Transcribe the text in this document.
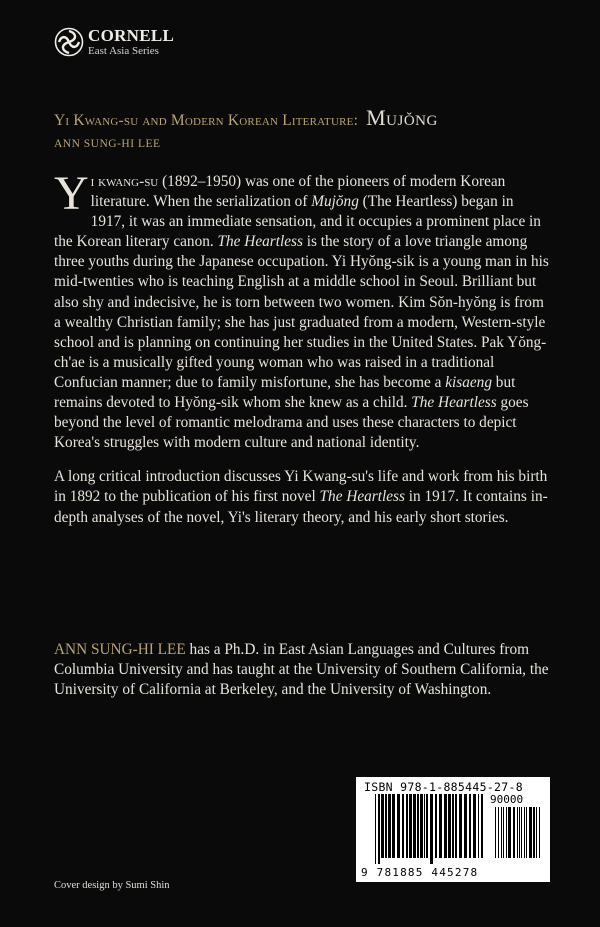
CORNELL
East Asia Series
Yi Kwang-su and Modern Korean Literature: Mujŏng
ANN SUNG-HI LEE

Yi kwang-su (1892–1950) was one of the pioneers of modern Korean literature. When the serialization of Mujŏng (The Heartless) began in 1917, it was an immediate sensation, and it occupies a prominent place in the Korean literary canon. The Heartless is the story of a love triangle among three youths during the Japanese occupation. Yi Hyŏng-sik is a young man in his mid-twenties who is teaching English at a middle school in Seoul. Brilliant but also shy and indecisive, he is torn between two women. Kim Sŏn-hyŏng is from a wealthy Christian family; she has just graduated from a modern, Western-style school and is planning on continuing her studies in the United States. Pak Yŏng-ch'ae is a musically gifted young woman who was raised in a traditional Confucian manner; due to family misfortune, she has become a kisaeng but remains devoted to Hyŏng-sik whom she knew as a child. The Heartless goes beyond the level of romantic melodrama and uses these characters to depict Korea's struggles with modern culture and national identity.

A long critical introduction discusses Yi Kwang-su's life and work from his birth in 1892 to the publication of his first novel The Heartless in 1917. It contains in-depth analyses of the novel, Yi's literary theory, and his early short stories.

ANN SUNG-HI LEE has a Ph.D. in East Asian Languages and Cultures from Columbia University and has taught at the University of Southern California, the University of California at Berkeley, and the University of Washington.

ISBN 978-1-885445-27-8
90000
9 781885 445278
Cover design by Sumi Shin
